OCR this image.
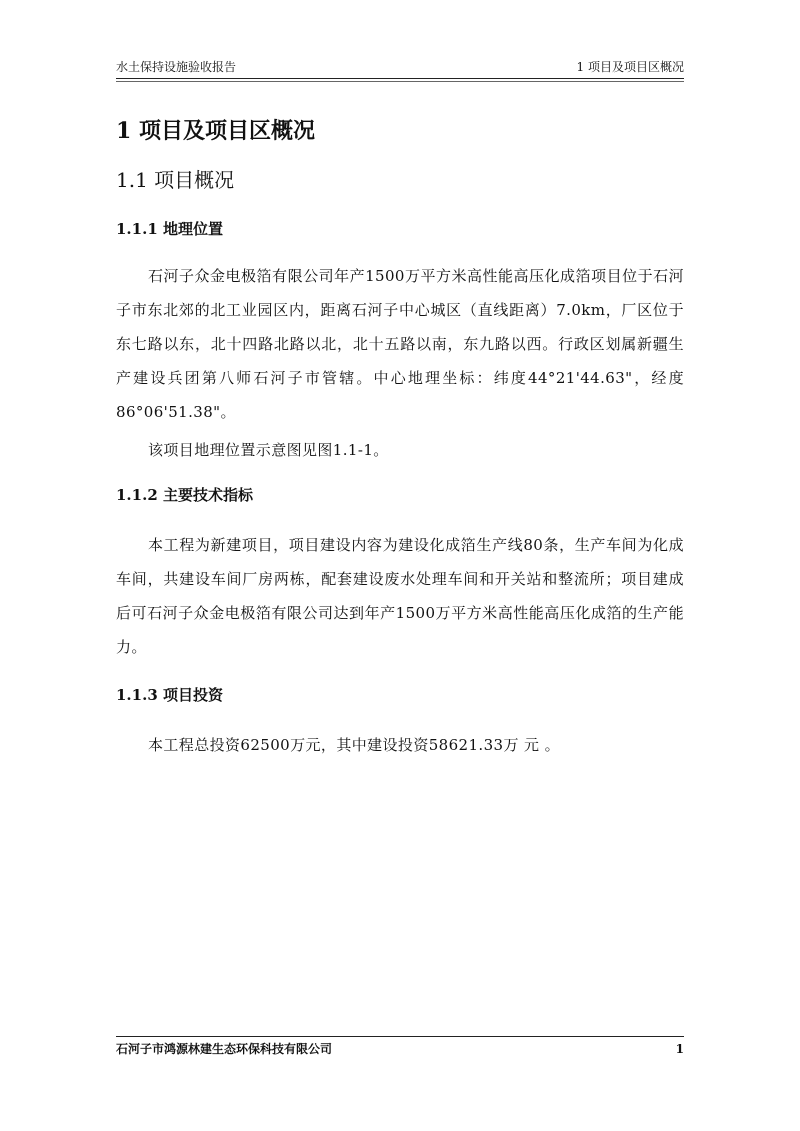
水土保持设施验收报告	1 项目及项目区概况
1 项目及项目区概况
1.1 项目概况
1.1.1 地理位置
石河子众金电极箔有限公司年产1500万平方米高性能高压化成箔项目位于石河子市东北郊的北工业园区内，距离石河子中心城区（直线距离）7.0km，厂区位于东七路以东，北十四路北路以北，北十五路以南，东九路以西。行政区划属新疆生产建设兵团第八师石河子市管辖。中心地理坐标：纬度44°21'44.63"，经度86°06'51.38"。
该项目地理位置示意图见图1.1-1。
1.1.2 主要技术指标
本工程为新建项目，项目建设内容为建设化成箔生产线80条，生产车间为化成车间，共建设车间厂房两栋，配套建设废水处理车间和开关站和整流所；项目建成后可石河子众金电极箔有限公司达到年产1500万平方米高性能高压化成箔的生产能力。
1.1.3 项目投资
本工程总投资62500万元，其中建设投资58621.33万 元 。
石河子市鸿源林建生态环保科技有限公司	1
